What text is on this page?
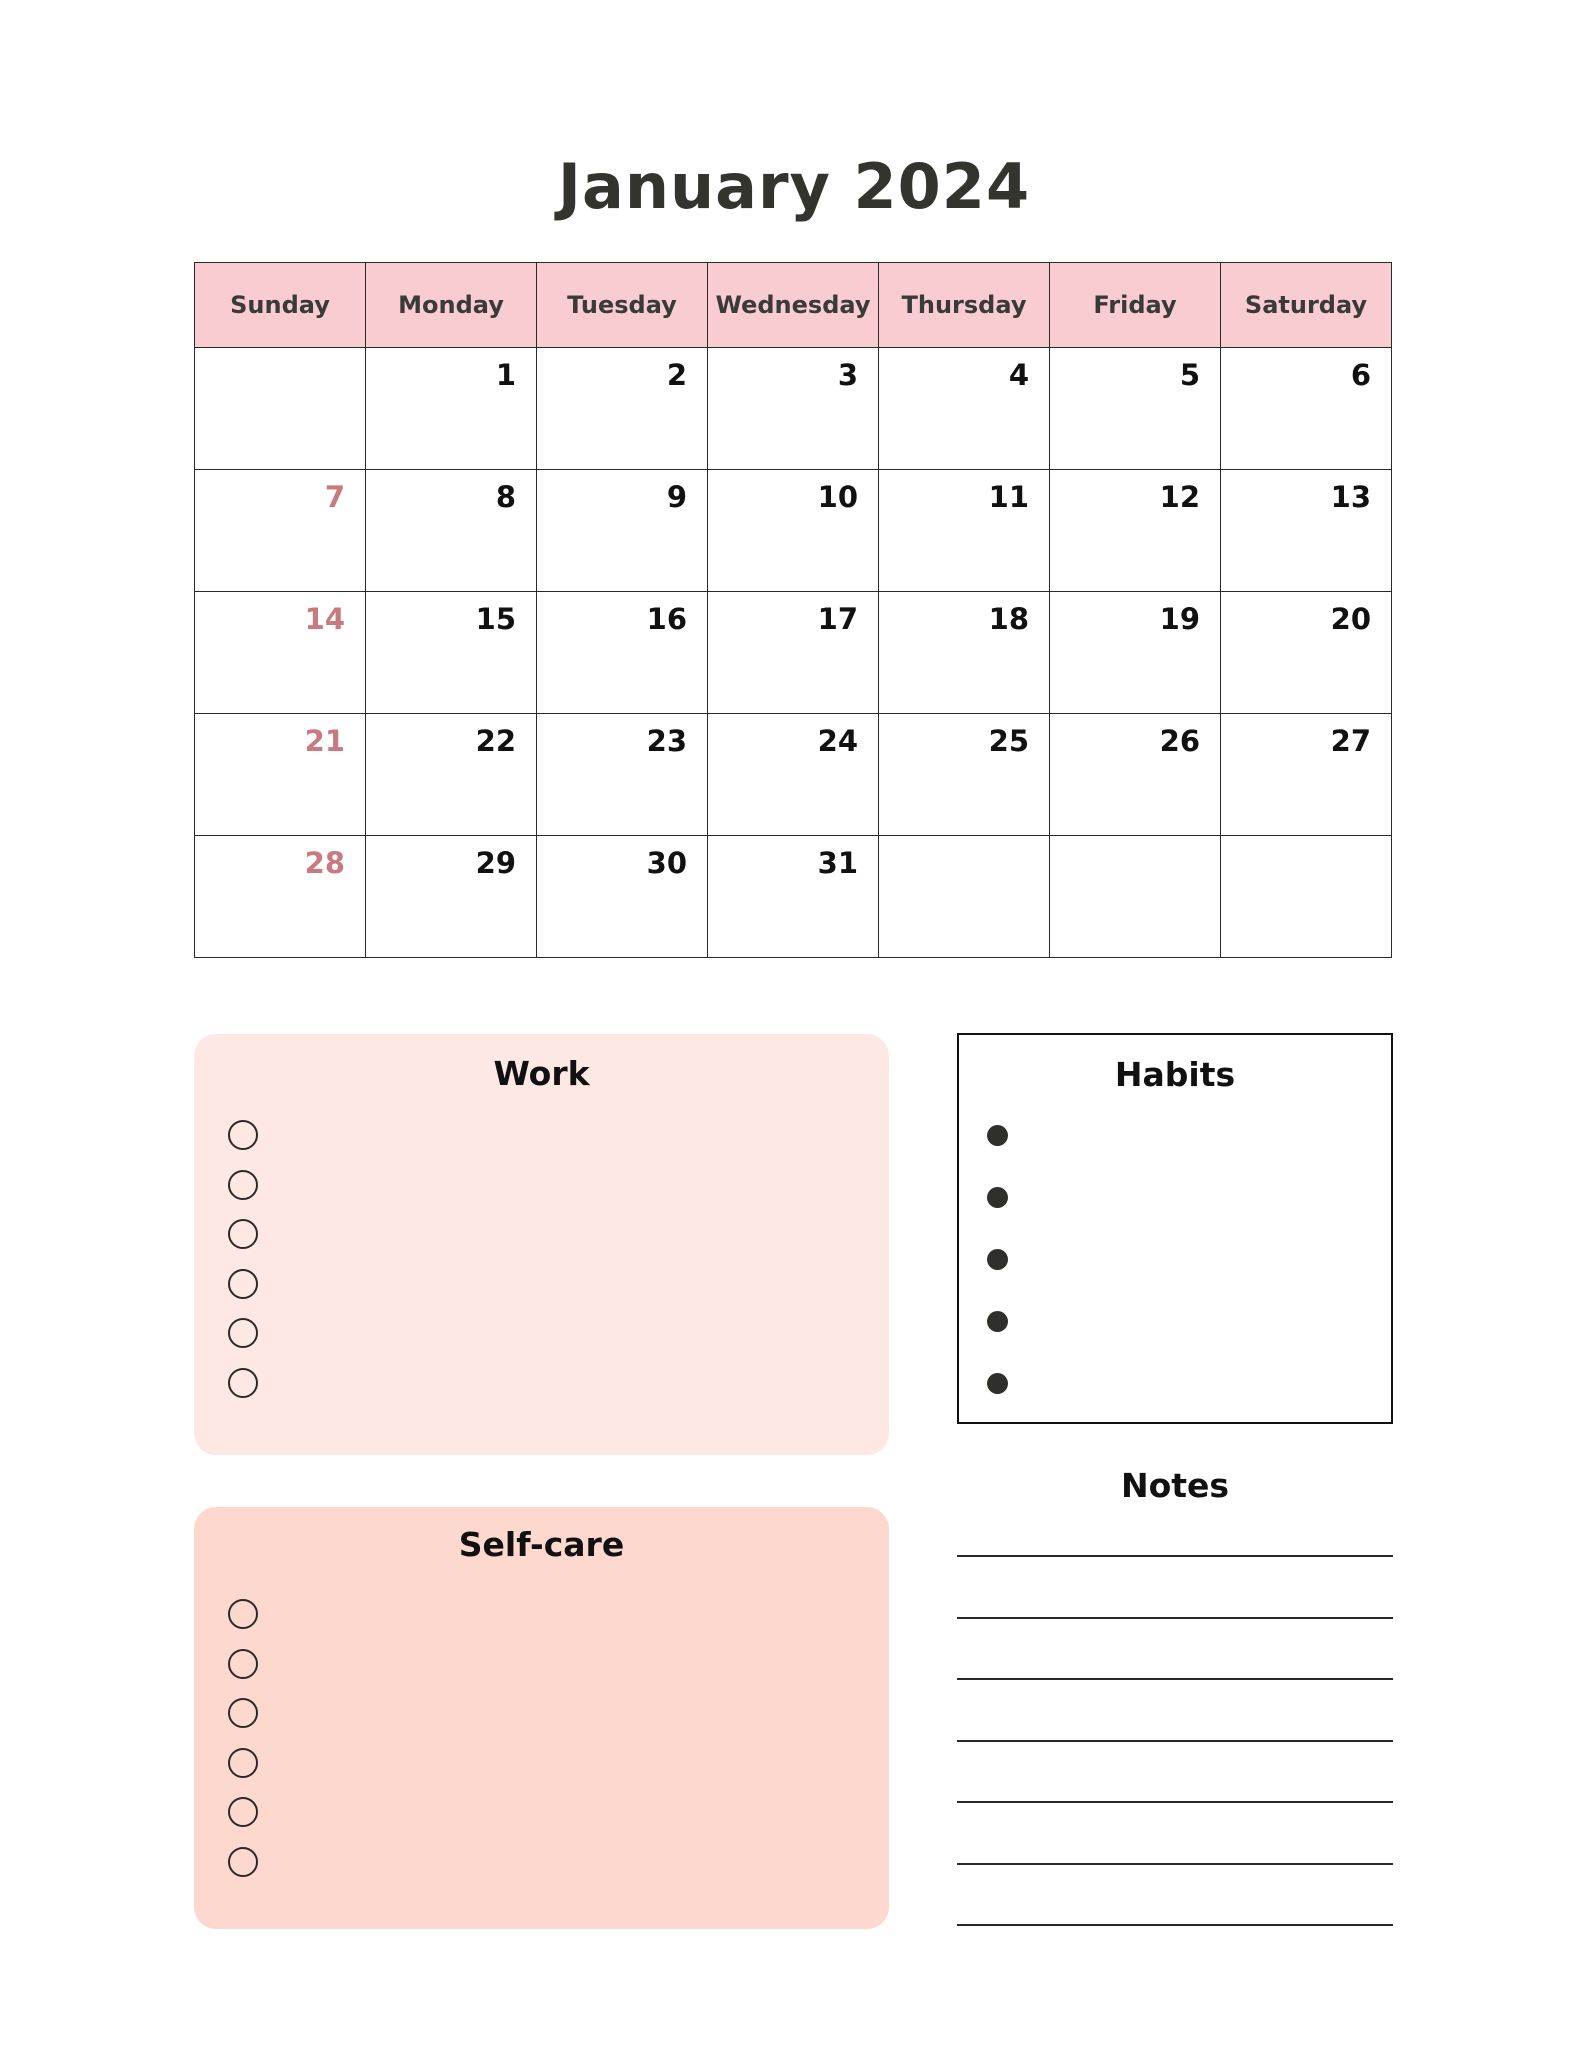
January 2024
Sunday	Monday	Tuesday	Wednesday	Thursday	Friday	Saturday
	1	2	3	4	5	6
7	8	9	10	11	12	13
14	15	16	17	18	19	20
21	22	23	24	25	26	27
28	29	30	31			
Work
Self-care
Habits
Notes
